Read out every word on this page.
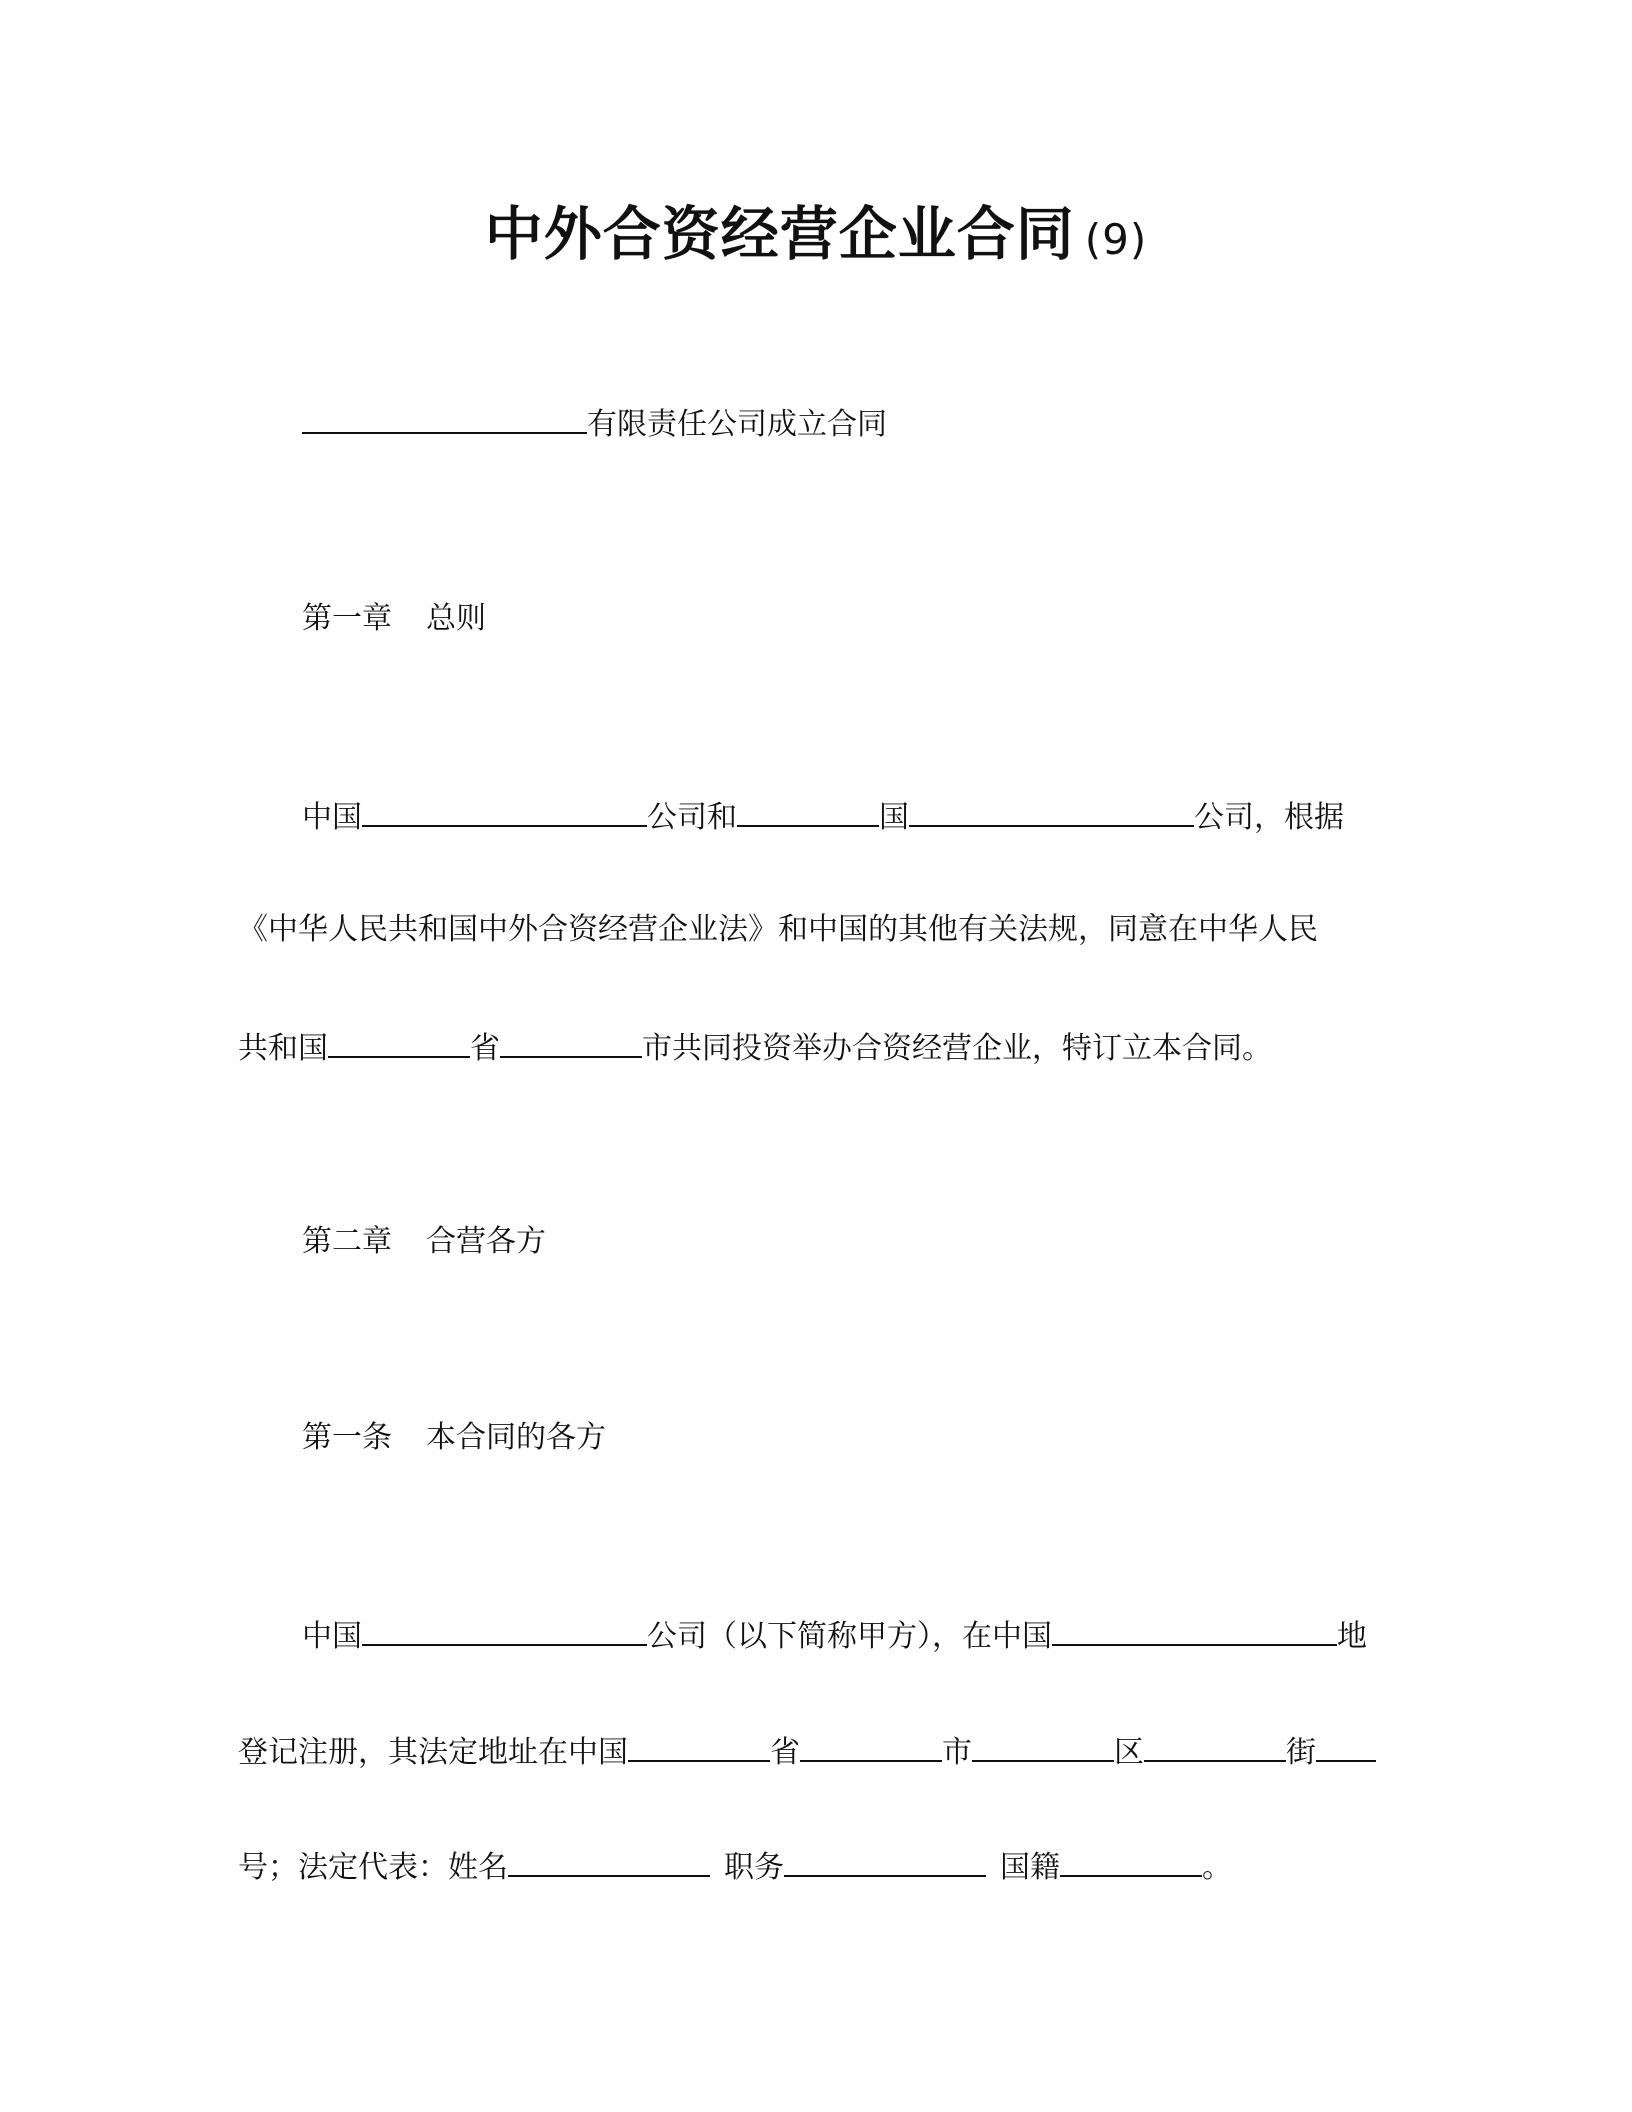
中外合资经营企业合同 (9)
有限责任公司成立合同
第一章 总则
中国	公司和	国	公司，根据
《中华人民共和国中外合资经营企业法》和中国的其他有关法规，同意在中华人民
共和国	省	市共同投资举办合资经营企业，特订立本合同。
第二章 合营各方
第一条 本合同的各方
中国	公司（以下简称甲方），在中国	地
登记注册，其法定地址在中国	省	市	区	街
号；法定代表：姓名	职务	国籍	。
